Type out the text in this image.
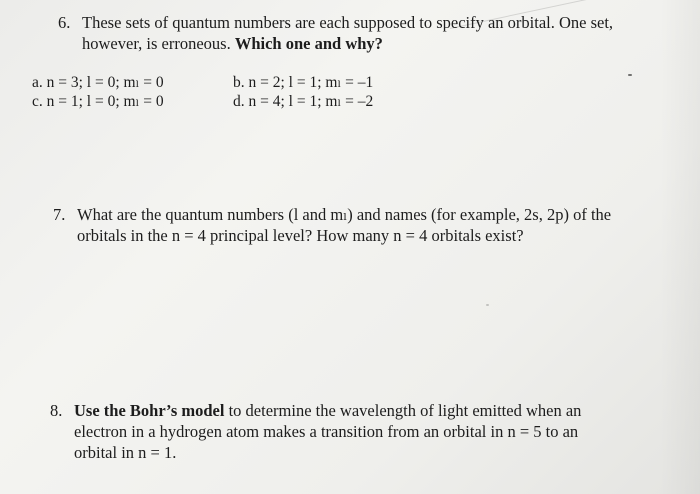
6. These sets of quantum numbers are each supposed to specify an orbital. One set,
however, is erroneous. Which one and why?
a. n = 3; l = 0; mₗ = 0	b. n = 2; l = 1; mₗ = –1
c. n = 1; l = 0; mₗ = 0	d. n = 4; l = 1; mₗ = –2
7. What are the quantum numbers (l and mₗ) and names (for example, 2s, 2p) of the
orbitals in the n = 4 principal level? How many n = 4 orbitals exist?
8. Use the Bohr’s model to determine the wavelength of light emitted when an
electron in a hydrogen atom makes a transition from an orbital in n = 5 to an
orbital in n = 1.
